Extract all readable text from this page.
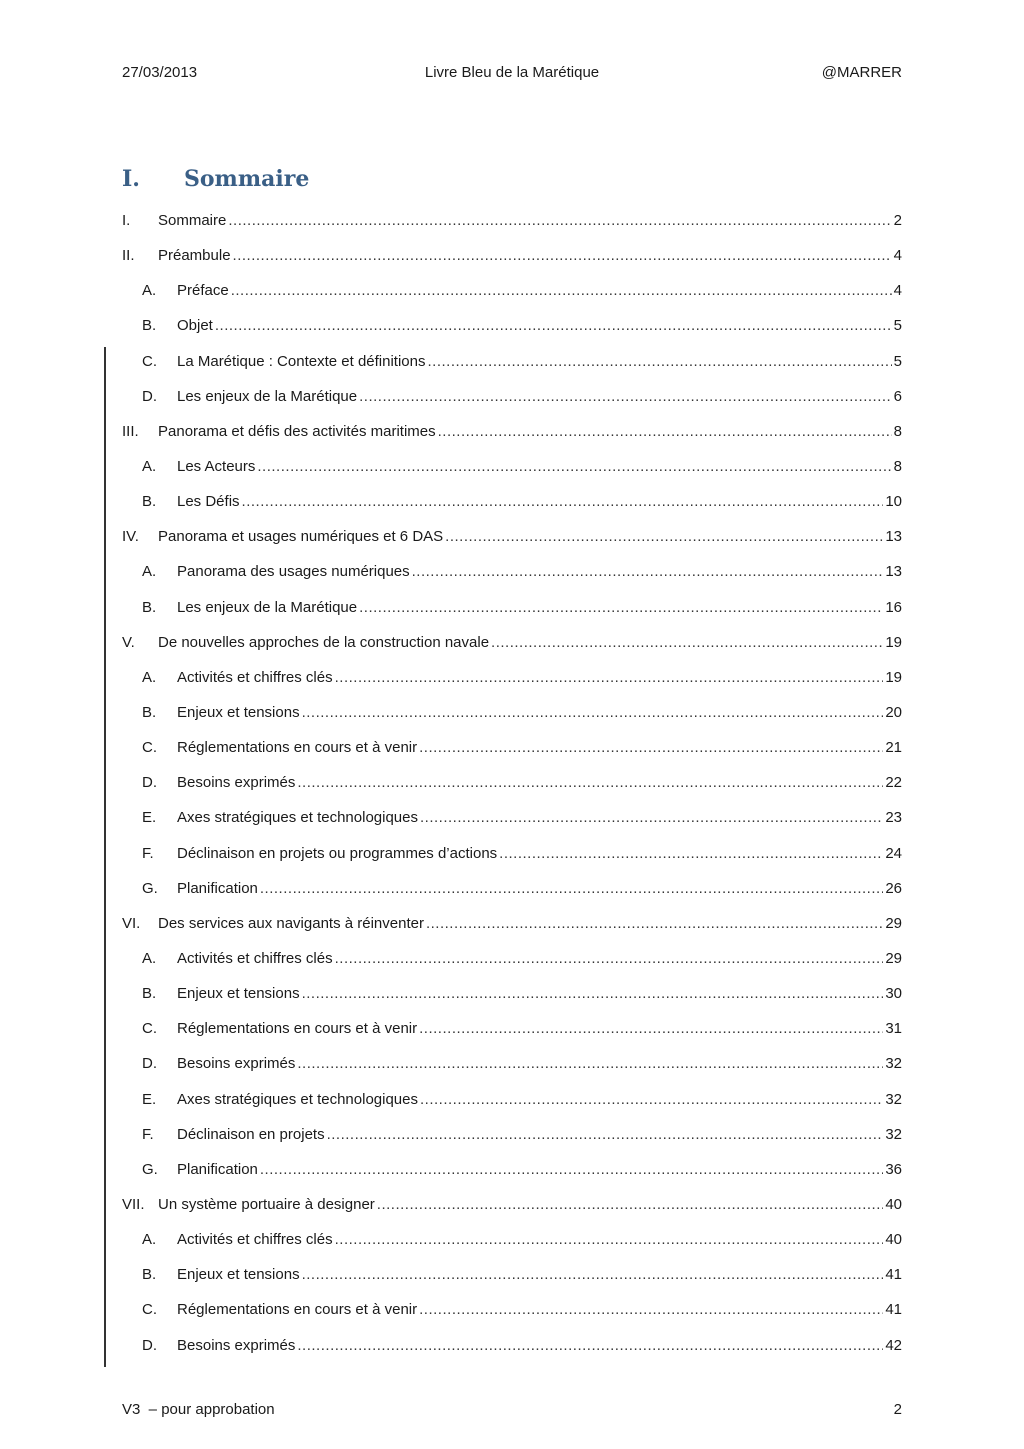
27/03/2013	Livre Bleu de la Marétique	@MARRER
I. Sommaire
I.	Sommaire .....	2
II.	Préambule .....	4
A.	Préface .....	4
B.	Objet .....	5
C.	La Marétique : Contexte et définitions .....	5
D.	Les enjeux de la Marétique .....	6
III.	Panorama et défis des activités maritimes .....	8
A.	Les Acteurs .....	8
B.	Les Défis .....	10
IV.	Panorama et usages numériques et 6 DAS .....	13
A.	Panorama des usages numériques .....	13
B.	Les enjeux de la Marétique .....	16
V.	De nouvelles approches de la construction navale .....	19
A.	Activités et chiffres clés .....	19
B.	Enjeux et tensions .....	20
C.	Réglementations en cours et à venir .....	21
D.	Besoins exprimés .....	22
E.	Axes stratégiques et technologiques .....	23
F.	Déclinaison en projets ou programmes d’actions .....	24
G.	Planification .....	26
VI.	Des services aux navigants à réinventer .....	29
A.	Activités et chiffres clés .....	29
B.	Enjeux et tensions .....	30
C.	Réglementations en cours et à venir .....	31
D.	Besoins exprimés .....	32
E.	Axes stratégiques et technologiques .....	32
F.	Déclinaison en projets .....	32
G.	Planification .....	36
VII. Un système portuaire à designer .....	40
A.	Activités et chiffres clés .....	40
B.	Enjeux et tensions .....	41
C.	Réglementations en cours et à venir .....	41
D.	Besoins exprimés .....	42
V3  – pour approbation	2
